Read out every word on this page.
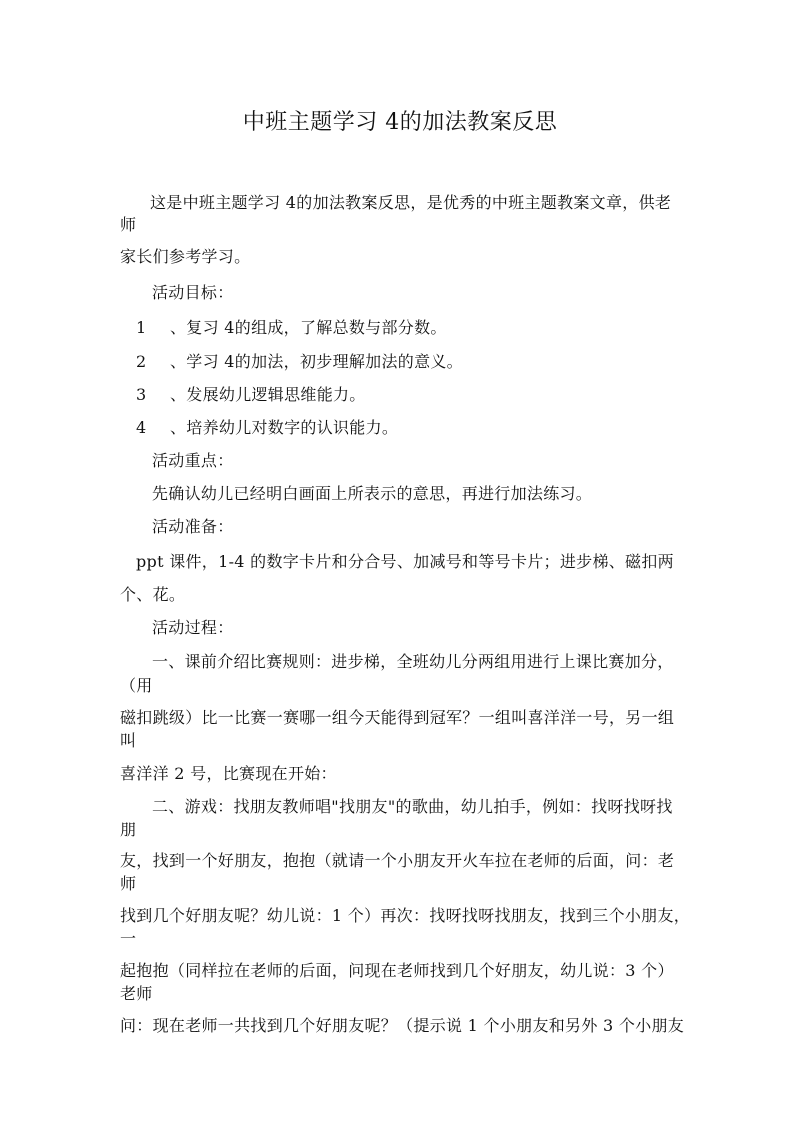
中班主题学习 4的加法教案反思
这是中班主题学习 4的加法教案反思，是优秀的中班主题教案文章，供老
师
家长们参考学习。
活动目标：
1 、复习 4的组成，了解总数与部分数。
2 、学习 4的加法，初步理解加法的意义。
3 、发展幼儿逻辑思维能力。
4 、培养幼儿对数字的认识能力。
活动重点：
先确认幼儿已经明白画面上所表示的意思，再进行加法练习。
活动准备：
ppt 课件，1-4 的数字卡片和分合号、加减号和等号卡片；进步梯、磁扣两
个、花。
活动过程：
一、课前介绍比赛规则：进步梯，全班幼儿分两组用进行上课比赛加分，
（用
磁扣跳级）比一比赛一赛哪一组今天能得到冠军？一组叫喜洋洋一号，另一组
叫
喜洋洋 2 号，比赛现在开始：
二、游戏：找朋友教师唱"找朋友"的歌曲，幼儿拍手，例如：找呀找呀找
朋
友，找到一个好朋友，抱抱（就请一个小朋友开火车拉在老师的后面，问：老
师
找到几个好朋友呢？幼儿说：1 个）再次：找呀找呀找朋友，找到三个小朋友，
一
起抱抱（同样拉在老师的后面，问现在老师找到几个好朋友，幼儿说：3 个）
老师
问：现在老师一共找到几个好朋友呢？（提示说 1 个小朋友和另外 3 个小朋友
